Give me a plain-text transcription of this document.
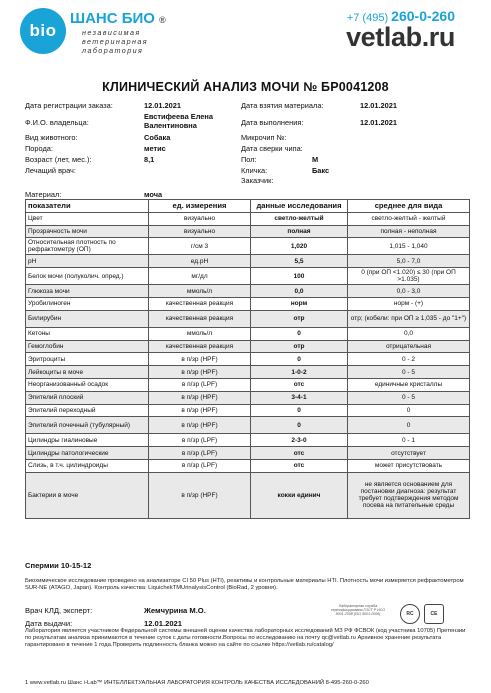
bio
ШАНС БИО ®
независимая
ветеринарная
лаборатория
+7 (495) 260-0-260
vetlab.ru
КЛИНИЧЕСКИЙ АНАЛИЗ МОЧИ № БР0041208
Дата регистрации заказа:	12.01.2021	Дата взятия материала:	12.01.2021
Ф.И.О. владельца:
Евстифеева Елена Валентиновна	Дата выполнения:	12.01.2021
Вид животного:	Собака	Микрочип №:
Порода:	метис	Дата сверки чипа:
Возраст (лет, мес.):	8,1	Пол:	М
Лечащий врач:	Кличка:	Бакс
Заказчик:
Материал:	моча
показатели	ед. измерения	данные исследования	среднее для вида
Цвет	визуально	светло-желтый	светло-желтый - желтый
Прозрачность мочи	визуально	полная	полная - неполная
Относительная плотность по рефрактометру (ОП)	г/см 3	1,020	1,015 - 1,040
pH	ед.pH	5,5	5,0 - 7,0
Белок мочи (полуколич. опред.)	мг/дл	100	0 (при ОП <1.020) ≤ 30 (при ОП >1.035)
Глюкоза мочи	ммоль/л	0,0	0,0 - 3,0
Уробилиноген	качественная реакция	норм	норм - (+)
Билирубин	качественная реакция	отр	отр; (кобели: при ОП ≥ 1,035 - до "1+")
Кетоны	ммоль/л	0	0,0
Гемоглобин	качественная реакция	отр	отрицательная
Эритроциты	в п/зр (HPF)	0	0 - 2
Лейкоциты в моче	в п/зр (HPF)	1-0-2	0 - 5
Неорганизованный осадок	в п/зр (LPF)	отс	единичные кристаллы
Эпителий плоский	в п/зр (HPF)	3-4-1	0 - 5
Эпителий переходный	в п/зр (HPF)	0	0
Эпителий почечный (тубулярный)	в п/зр (HPF)	0	0
Цилиндры гиалиновые	в п/зр (LPF)	2-3-0	0 - 1
Цилиндры патологические	в п/зр (LPF)	отс	отсутствует
Слизь, в т.ч. цилиндроиды	в п/зр (LPF)	отс	может присутствовать
Бактерии в моче	в п/зр (HPF)	кокки единич	не является основанием для постановки диагноза: результат требует подтверждения методом посева на питательные среды
Спермии 10-15-12
Биохимическое исследование проведено на анализаторе CI 50 Plus (НТI), реактивы и контрольные материалы НТI. Плотность мочи измеряется рефрактометром SUR-NE (ATAGO, Japan). Контроль качества: LiquichekTMUrinalysisControl (BioRad, 2 уровня).
Врач КЛД, эксперт:	Жемчурина М.О.
Дата выдачи:	12.01.2021
Лабораторная служба сертифицирована ГОСТ Р ИСО 9001-2008 (ISO 9001:2008)	RC	CE
Лаборатория является участником Федеральной системы внешней оценки качества лабораторных исследований МЗ РФ ФСВОК (код участника 10705) Претензии по результатам анализа принимаются в течение суток с даты готовности.Вопросы по исследованию на почту qc@vetlab.ru Архивное хранение результата гарантировано в течение 1 года.Проверить подлинность бланка можно на сайте по ссылке https://vetlab.ru/catalog/
1 www.vetlab.ru Шанс i-Lab™ ИНТЕЛЛЕКТУАЛЬНАЯ ЛАБОРАТОРИЯ КОНТРОЛЬ КАЧЕСТВА ИССЛЕДОВАНИЙ 8-495-260-0-260
